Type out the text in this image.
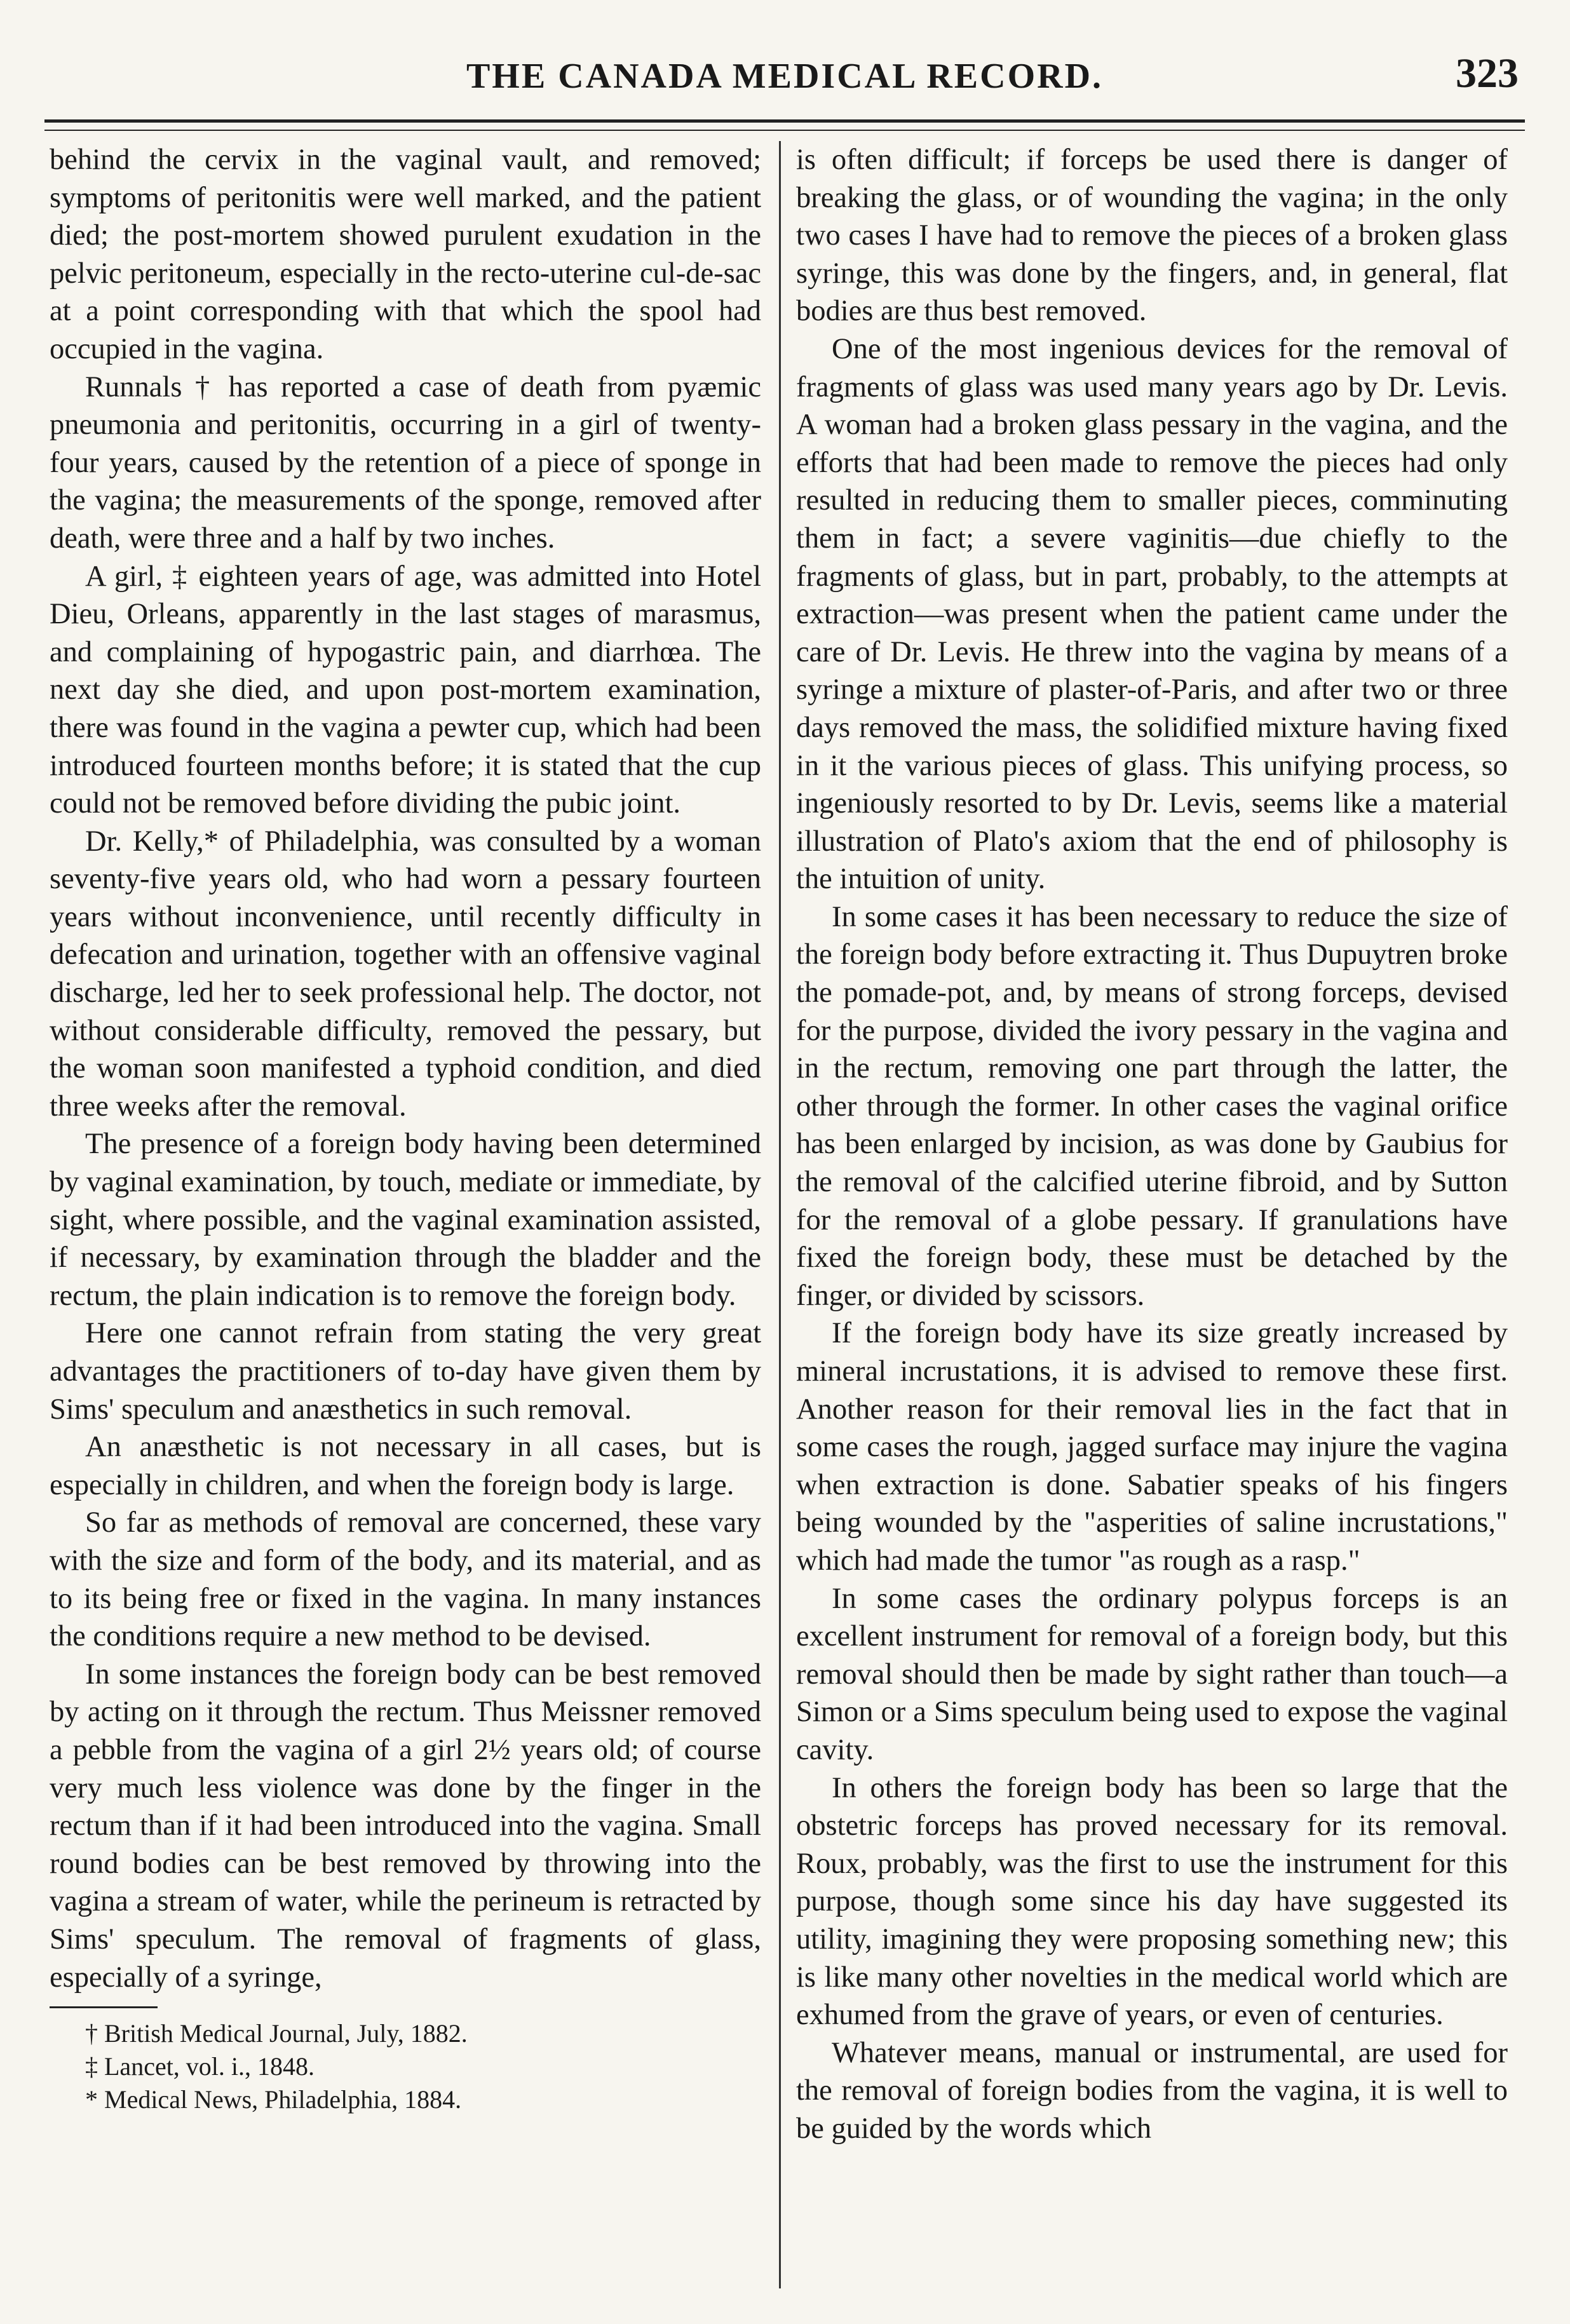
THE CANADA MEDICAL RECORD.	323

behind the cervix in the vaginal vault, and removed; symptoms of peritonitis were well marked, and the patient died; the post-mortem showed purulent exudation in the pelvic peritoneum, especially in the recto-uterine cul-de-sac at a point corresponding with that which the spool had occupied in the vagina.

Runnals † has reported a case of death from pyæmic pneumonia and peritonitis, occurring in a girl of twenty-four years, caused by the retention of a piece of sponge in the vagina; the measurements of the sponge, removed after death, were three and a half by two inches.

A girl, ‡ eighteen years of age, was admitted into Hotel Dieu, Orleans, apparently in the last stages of marasmus, and complaining of hypogastric pain, and diarrhœa. The next day she died, and upon post-mortem examination, there was found in the vagina a pewter cup, which had been introduced fourteen months before; it is stated that the cup could not be removed before dividing the pubic joint.

Dr. Kelly,* of Philadelphia, was consulted by a woman seventy-five years old, who had worn a pessary fourteen years without inconvenience, until recently difficulty in defecation and urination, together with an offensive vaginal discharge, led her to seek professional help. The doctor, not without considerable difficulty, removed the pessary, but the woman soon manifested a typhoid condition, and died three weeks after the removal.

The presence of a foreign body having been determined by vaginal examination, by touch, mediate or immediate, by sight, where possible, and the vaginal examination assisted, if necessary, by examination through the bladder and the rectum, the plain indication is to remove the foreign body.

Here one cannot refrain from stating the very great advantages the practitioners of to-day have given them by Sims' speculum and anæsthetics in such removal.

An anæsthetic is not necessary in all cases, but is especially in children, and when the foreign body is large.

So far as methods of removal are concerned, these vary with the size and form of the body, and its material, and as to its being free or fixed in the vagina. In many instances the conditions require a new method to be devised.

In some instances the foreign body can be best removed by acting on it through the rectum. Thus Meissner removed a pebble from the vagina of a girl 2½ years old; of course very much less violence was done by the finger in the rectum than if it had been introduced into the vagina. Small round bodies can be best removed by throwing into the vagina a stream of water, while the perineum is retracted by Sims' speculum. The removal of fragments of glass, especially of a syringe,

† British Medical Journal, July, 1882.

‡ Lancet, vol. i., 1848.

* Medical News, Philadelphia, 1884.

is often difficult; if forceps be used there is danger of breaking the glass, or of wounding the vagina; in the only two cases I have had to remove the pieces of a broken glass syringe, this was done by the fingers, and, in general, flat bodies are thus best removed.

One of the most ingenious devices for the removal of fragments of glass was used many years ago by Dr. Levis. A woman had a broken glass pessary in the vagina, and the efforts that had been made to remove the pieces had only resulted in reducing them to smaller pieces, comminuting them in fact; a severe vaginitis—due chiefly to the fragments of glass, but in part, probably, to the attempts at extraction—was present when the patient came under the care of Dr. Levis. He threw into the vagina by means of a syringe a mixture of plaster-of-Paris, and after two or three days removed the mass, the solidified mixture having fixed in it the various pieces of glass. This unifying process, so ingeniously resorted to by Dr. Levis, seems like a material illustration of Plato's axiom that the end of philosophy is the intuition of unity.

In some cases it has been necessary to reduce the size of the foreign body before extracting it. Thus Dupuytren broke the pomade-pot, and, by means of strong forceps, devised for the purpose, divided the ivory pessary in the vagina and in the rectum, removing one part through the latter, the other through the former. In other cases the vaginal orifice has been enlarged by incision, as was done by Gaubius for the removal of the calcified uterine fibroid, and by Sutton for the removal of a globe pessary. If granulations have fixed the foreign body, these must be detached by the finger, or divided by scissors.

If the foreign body have its size greatly increased by mineral incrustations, it is advised to remove these first. Another reason for their removal lies in the fact that in some cases the rough, jagged surface may injure the vagina when extraction is done. Sabatier speaks of his fingers being wounded by the "asperities of saline incrustations," which had made the tumor "as rough as a rasp."

In some cases the ordinary polypus forceps is an excellent instrument for removal of a foreign body, but this removal should then be made by sight rather than touch—a Simon or a Sims speculum being used to expose the vaginal cavity.

In others the foreign body has been so large that the obstetric forceps has proved necessary for its removal. Roux, probably, was the first to use the instrument for this purpose, though some since his day have suggested its utility, imagining they were proposing something new; this is like many other novelties in the medical world which are exhumed from the grave of years, or even of centuries.

Whatever means, manual or instrumental, are used for the removal of foreign bodies from the vagina, it is well to be guided by the words which
